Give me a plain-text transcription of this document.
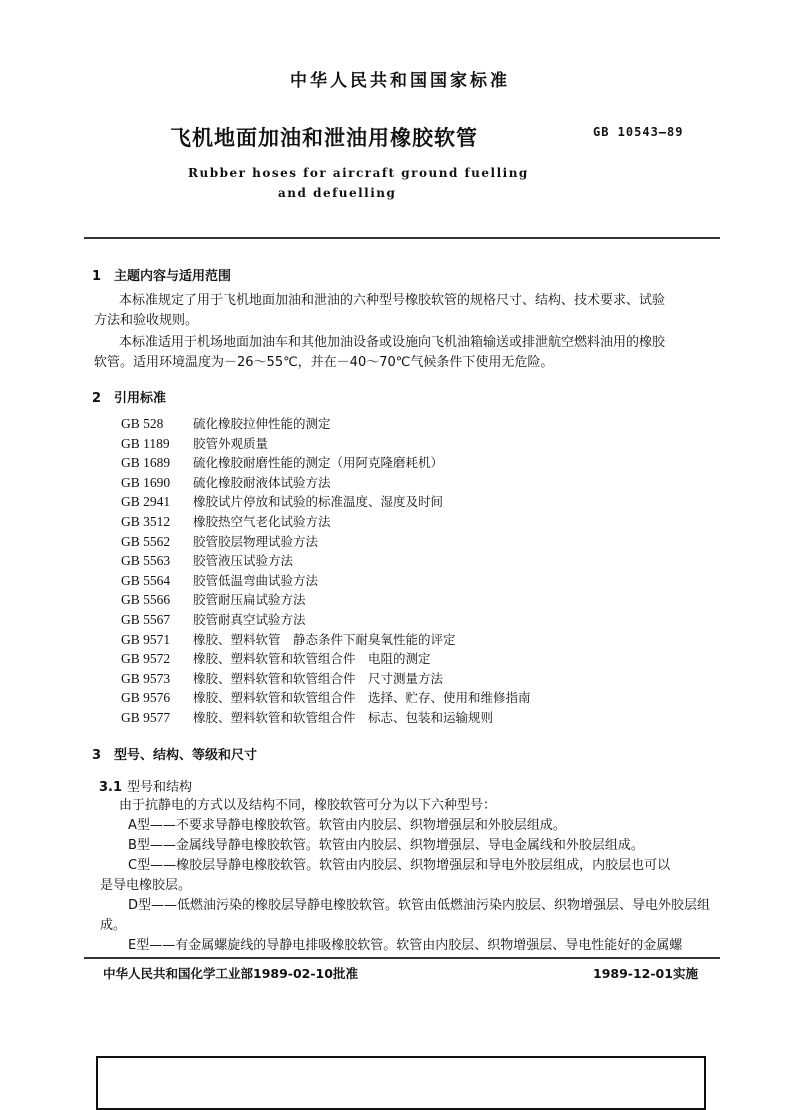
中华人民共和国国家标准
飞机地面加油和泄油用橡胶软管	GB 10543—89
Rubber hoses for aircraft ground fuelling
and defuelling
1 主题内容与适用范围
本标准规定了用于飞机地面加油和泄油的六种型号橡胶软管的规格尺寸、结构、技术要求、试验
方法和验收规则。
本标准适用于机场地面加油车和其他加油设备或设施向飞机油箱输送或排泄航空燃料油用的橡胶
软管。适用环境温度为－26～55℃，并在－40～70℃气候条件下使用无危险。
2 引用标准
GB 528 硫化橡胶拉伸性能的测定
GB 1189 胶管外观质量
GB 1689 硫化橡胶耐磨性能的测定（用阿克隆磨耗机）
GB 1690 硫化橡胶耐液体试验方法
GB 2941 橡胶试片停放和试验的标准温度、湿度及时间
GB 3512 橡胶热空气老化试验方法
GB 5562 胶管胶层物理试验方法
GB 5563 胶管液压试验方法
GB 5564 胶管低温弯曲试验方法
GB 5566 胶管耐压扁试验方法
GB 5567 胶管耐真空试验方法
GB 9571 橡胶、塑料软管　静态条件下耐臭氧性能的评定
GB 9572 橡胶、塑料软管和软管组合件　电阻的测定
GB 9573 橡胶、塑料软管和软管组合件　尺寸测量方法
GB 9576 橡胶、塑料软管和软管组合件　选择、贮存、使用和维修指南
GB 9577 橡胶、塑料软管和软管组合件　标志、包装和运输规则
3 型号、结构、等级和尺寸
3.1 型号和结构
由于抗静电的方式以及结构不同，橡胶软管可分为以下六种型号：
A型——不要求导静电橡胶软管。软管由内胶层、织物增强层和外胶层组成。
B型——金属线导静电橡胶软管。软管由内胶层、织物增强层、导电金属线和外胶层组成。
C型——橡胶层导静电橡胶软管。软管由内胶层、织物增强层和导电外胶层组成，内胶层也可以
是导电橡胶层。
D型——低燃油污染的橡胶层导静电橡胶软管。软管由低燃油污染内胶层、织物增强层、导电外胶层组
成。
E型——有金属螺旋线的导静电排吸橡胶软管。软管由内胶层、织物增强层、导电性能好的金属螺
中华人民共和国化学工业部1989-02-10批准	1989-12-01实施
